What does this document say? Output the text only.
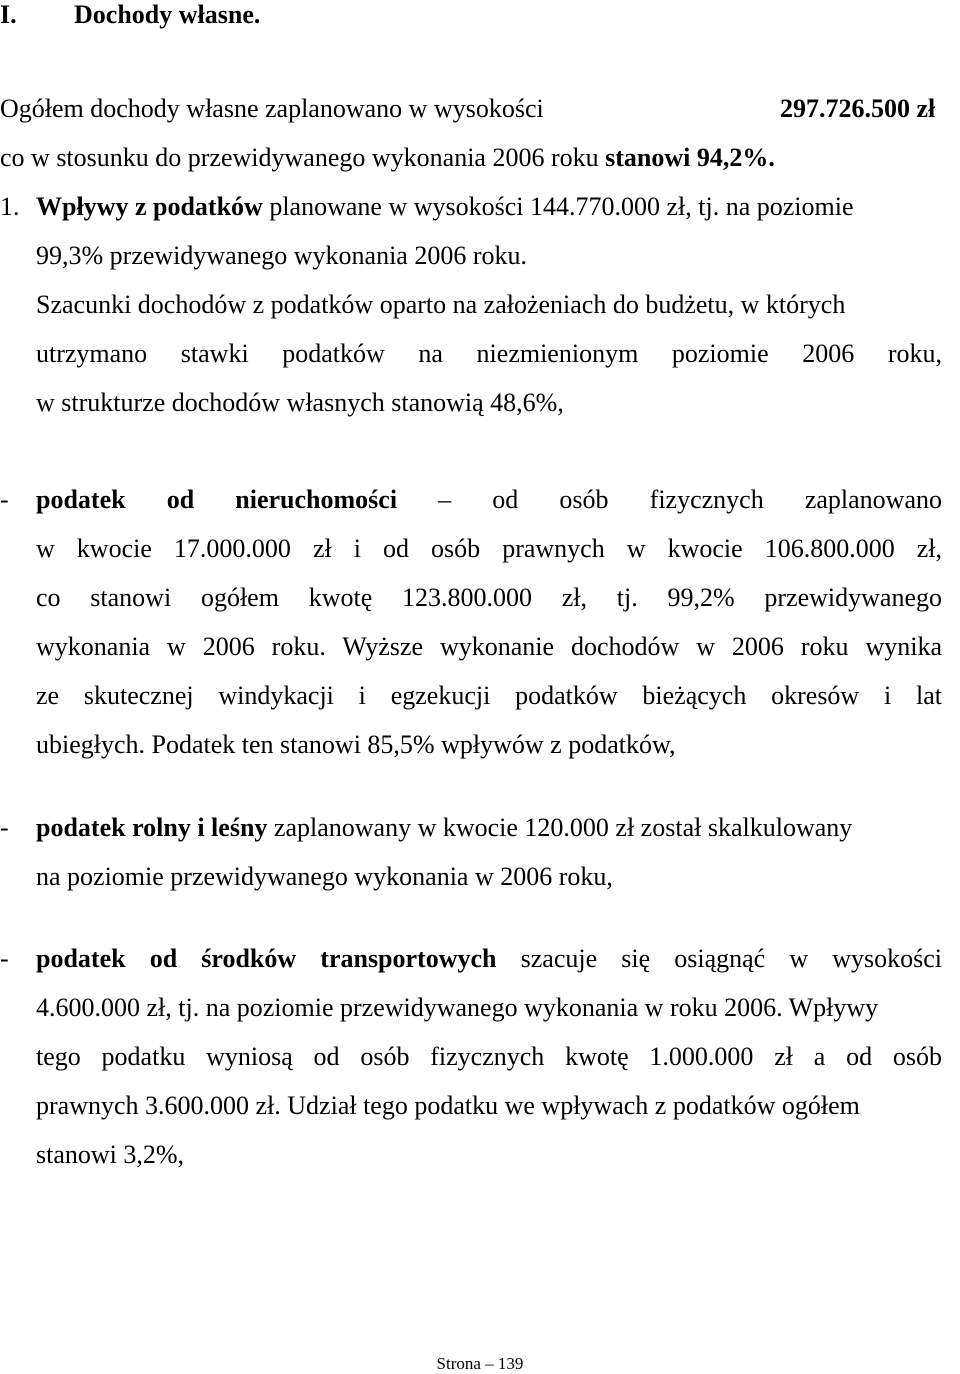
I. Dochody własne.
Ogółem dochody własne zaplanowano w wysokości	297.726.500 zł
co w stosunku do przewidywanego wykonania 2006 roku stanowi 94,2%.
1. Wpływy z podatków planowane w wysokości 144.770.000 zł, tj. na poziomie
99,3% przewidywanego wykonania 2006 roku.
Szacunki dochodów z podatków oparto na założeniach do budżetu, w których
utrzymano stawki podatków na niezmienionym poziomie 2006 roku,
w strukturze dochodów własnych stanowią 48,6%,
- podatek od nieruchomości – od osób fizycznych zaplanowano
w kwocie 17.000.000 zł i od osób prawnych w kwocie 106.800.000 zł,
co stanowi ogółem kwotę 123.800.000 zł, tj. 99,2% przewidywanego
wykonania w 2006 roku. Wyższe wykonanie dochodów w 2006 roku wynika
ze skutecznej windykacji i egzekucji podatków bieżących okresów i lat
ubiegłych. Podatek ten stanowi 85,5% wpływów z podatków,
- podatek rolny i leśny zaplanowany w kwocie 120.000 zł został skalkulowany
na poziomie przewidywanego wykonania w 2006 roku,
- podatek od środków transportowych szacuje się osiągnąć w wysokości
4.600.000 zł, tj. na poziomie przewidywanego wykonania w roku 2006. Wpływy
tego podatku wyniosą od osób fizycznych kwotę 1.000.000 zł a od osób
prawnych 3.600.000 zł. Udział tego podatku we wpływach z podatków ogółem
stanowi 3,2%,
Strona – 139
